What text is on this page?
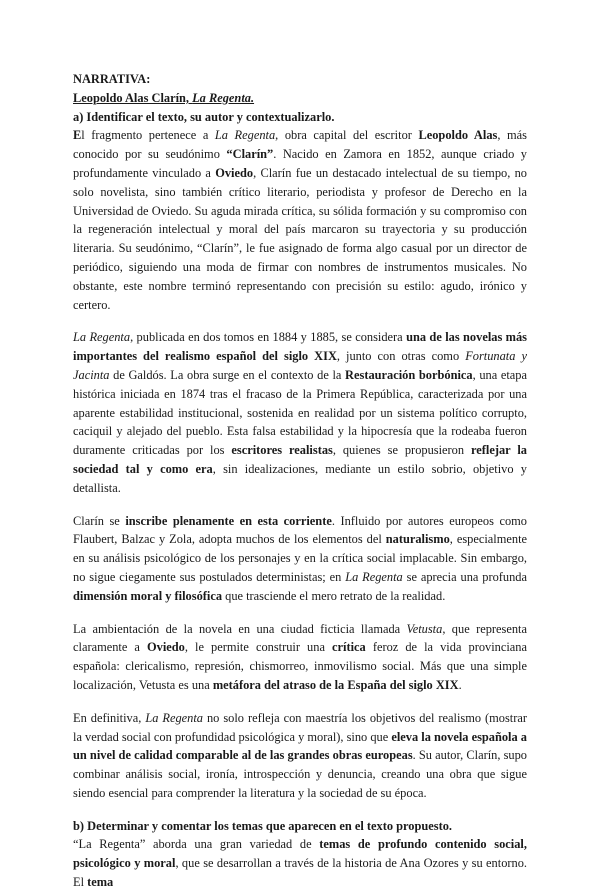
NARRATIVA:
Leopoldo Alas Clarín, La Regenta.
a) Identificar el texto, su autor y contextualizarlo.

El fragmento pertenece a La Regenta, obra capital del escritor Leopoldo Alas, más conocido por su seudónimo “Clarín”. Nacido en Zamora en 1852, aunque criado y profundamente vinculado a Oviedo, Clarín fue un destacado intelectual de su tiempo, no solo novelista, sino también crítico literario, periodista y profesor de Derecho en la Universidad de Oviedo. Su aguda mirada crítica, su sólida formación y su compromiso con la regeneración intelectual y moral del país marcaron su trayectoria y su producción literaria. Su seudónimo, “Clarín”, le fue asignado de forma algo casual por un director de periódico, siguiendo una moda de firmar con nombres de instrumentos musicales. No obstante, este nombre terminó representando con precisión su estilo: agudo, irónico y certero.

La Regenta, publicada en dos tomos en 1884 y 1885, se considera una de las novelas más importantes del realismo español del siglo XIX, junto con otras como Fortunata y Jacinta de Galdós. La obra surge en el contexto de la Restauración borbónica, una etapa histórica iniciada en 1874 tras el fracaso de la Primera República, caracterizada por una aparente estabilidad institucional, sostenida en realidad por un sistema político corrupto, caciquil y alejado del pueblo. Esta falsa estabilidad y la hipocresía que la rodeaba fueron duramente criticadas por los escritores realistas, quienes se propusieron reflejar la sociedad tal y como era, sin idealizaciones, mediante un estilo sobrio, objetivo y detallista.

Clarín se inscribe plenamente en esta corriente. Influido por autores europeos como Flaubert, Balzac y Zola, adopta muchos de los elementos del naturalismo, especialmente en su análisis psicológico de los personajes y en la crítica social implacable. Sin embargo, no sigue ciegamente sus postulados deterministas; en La Regenta se aprecia una profunda dimensión moral y filosófica que trasciende el mero retrato de la realidad.

La ambientación de la novela en una ciudad ficticia llamada Vetusta, que representa claramente a Oviedo, le permite construir una crítica feroz de la vida provinciana española: clericalismo, represión, chismorreo, inmovilismo social. Más que una simple localización, Vetusta es una metáfora del atraso de la España del siglo XIX.

En definitiva, La Regenta no solo refleja con maestría los objetivos del realismo (mostrar la verdad social con profundidad psicológica y moral), sino que eleva la novela española a un nivel de calidad comparable al de las grandes obras europeas. Su autor, Clarín, supo combinar análisis social, ironía, introspección y denuncia, creando una obra que sigue siendo esencial para comprender la literatura y la sociedad de su época.

b) Determinar y comentar los temas que aparecen en el texto propuesto.

“La Regenta” aborda una gran variedad de temas de profundo contenido social, psicológico y moral, que se desarrollan a través de la historia de Ana Ozores y su entorno. El tema
